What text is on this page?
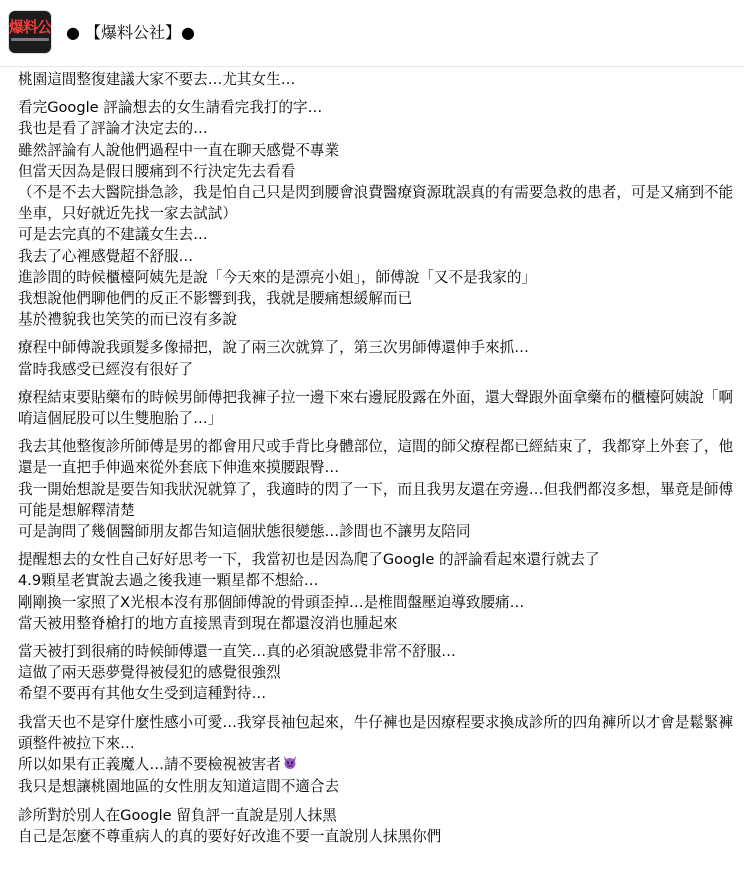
爆料公 ● 【爆料公社】●
桃園這間整復建議大家不要去…尤其女生…
看完Google 評論想去的女生請看完我打的字…
我也是看了評論才決定去的…
雖然評論有人說他們過程中一直在聊天感覺不專業
但當天因為是假日腰痛到不行決定先去看看
（不是不去大醫院掛急診，我是怕自己只是閃到腰會浪費醫療資源耽誤真的有需要急救的患者，可是又痛到不能坐車，只好就近先找一家去試試）
可是去完真的不建議女生去…
我去了心裡感覺超不舒服…
進診間的時候櫃檯阿姨先是說「今天來的是漂亮小姐」，師傅說「又不是我家的」
我想說他們聊他們的反正不影響到我，我就是腰痛想緩解而已
基於禮貌我也笑笑的而已沒有多說
療程中師傅說我頭髮多像掃把，說了兩三次就算了，第三次男師傅還伸手來抓…
當時我感受已經沒有很好了
療程結束要貼藥布的時候男師傅把我褲子拉一邊下來右邊屁股露在外面，還大聲跟外面拿藥布的櫃檯阿姨說「啊唷這個屁股可以生雙胞胎了…」
我去其他整復診所師傅是男的都會用尺或手背比身體部位，這間的師父療程都已經結束了，我都穿上外套了，他還是一直把手伸過來從外套底下伸進來摸腰跟臀…
我一開始想說是要告知我狀況就算了，我適時的閃了一下，而且我男友還在旁邊…但我們都沒多想，畢竟是師傅可能是想解釋清楚
可是詢問了幾個醫師朋友都告知這個狀態很變態…診間也不讓男友陪同
提醒想去的女性自己好好思考一下，我當初也是因為爬了Google 的評論看起來還行就去了
4.9顆星老實說去過之後我連一顆星都不想給…
剛剛換一家照了X光根本沒有那個師傅說的骨頭歪掉…是椎間盤壓迫導致腰痛…
當天被用整脊槍打的地方直接黑青到現在都還沒消也腫起來
當天被打到很痛的時候師傅還一直笑…真的必須說感覺非常不舒服…
這做了兩天惡夢覺得被侵犯的感覺很強烈
希望不要再有其他女生受到這種對待…
我當天也不是穿什麼性感小可愛…我穿長袖包起來，牛仔褲也是因療程要求換成診所的四角褲所以才會是鬆緊褲頭整件被拉下來…
所以如果有正義魔人…請不要檢視被害者
我只是想讓桃園地區的女性朋友知道這間不適合去
診所對於別人在Google 留負評一直說是別人抹黑
自己是怎麼不尊重病人的真的要好好改進不要一直說別人抹黑你們
